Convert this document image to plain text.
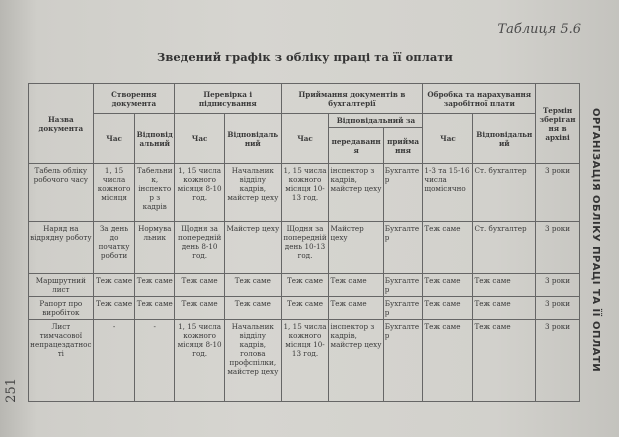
Таблиця 5.6
Зведений графік з обліку праці та її оплати
ОРГАНІЗАЦІЯ ОБЛІКУ ПРАЦІ ТА ЇЇ ОПЛАТИ
251
Назва документа	Створення документа		Перевірка і підписування		Приймання документів в бухгалтерії			Обробка та нарахування заробітної плати		Термін зберігання в архіві
	Час	Відповідальний	Час	Відповідальний	Час	Відповідальний за		Час	Відповідальний	
						передавання	приймання			
Табель обліку робочого часу	1, 15 числа кожного місяця	Табельник, інспектор з кадрів	1, 15 числа кожного місяця 8-10 год.	Начальник відділу кадрів, майстер цеху	1, 15 числа кожного місяця 10-13 год.	інспектор з кадрів, майстер цеху	Бухгалтер	1-3 та 15-16 числа щомісячно	Ст. бухгалтер	3 роки
Наряд на відрядну роботу	За день до початку роботи	Нормувальник	Щодня за попередній день 8-10 год.	Майстер цеху	Щодня за попередній день 10-13 год.	Майстер цеху	Бухгалтер	Теж саме	Ст. бухгалтер	3 роки
Маршрутний лист	Теж саме	Теж саме	Теж саме	Теж саме	Теж саме	Теж саме	Бухгалтер	Теж саме	Теж саме	3 роки
Рапорт про виробіток	Теж саме	Теж саме	Теж саме	Теж саме	Теж саме	Теж саме	Бухгалтер	Теж саме	Теж саме	3 роки
Лист тимчасової непрацездатності	-	-	1, 15 числа кожного місяця 8-10 год.	Начальник відділу кадрів, голова профспілки, майстер цеху	1, 15 числа кожного місяця 10-13 год.	інспектор з кадрів, майстер цеху	Бухгалтер	Теж саме	Теж саме	3 роки
